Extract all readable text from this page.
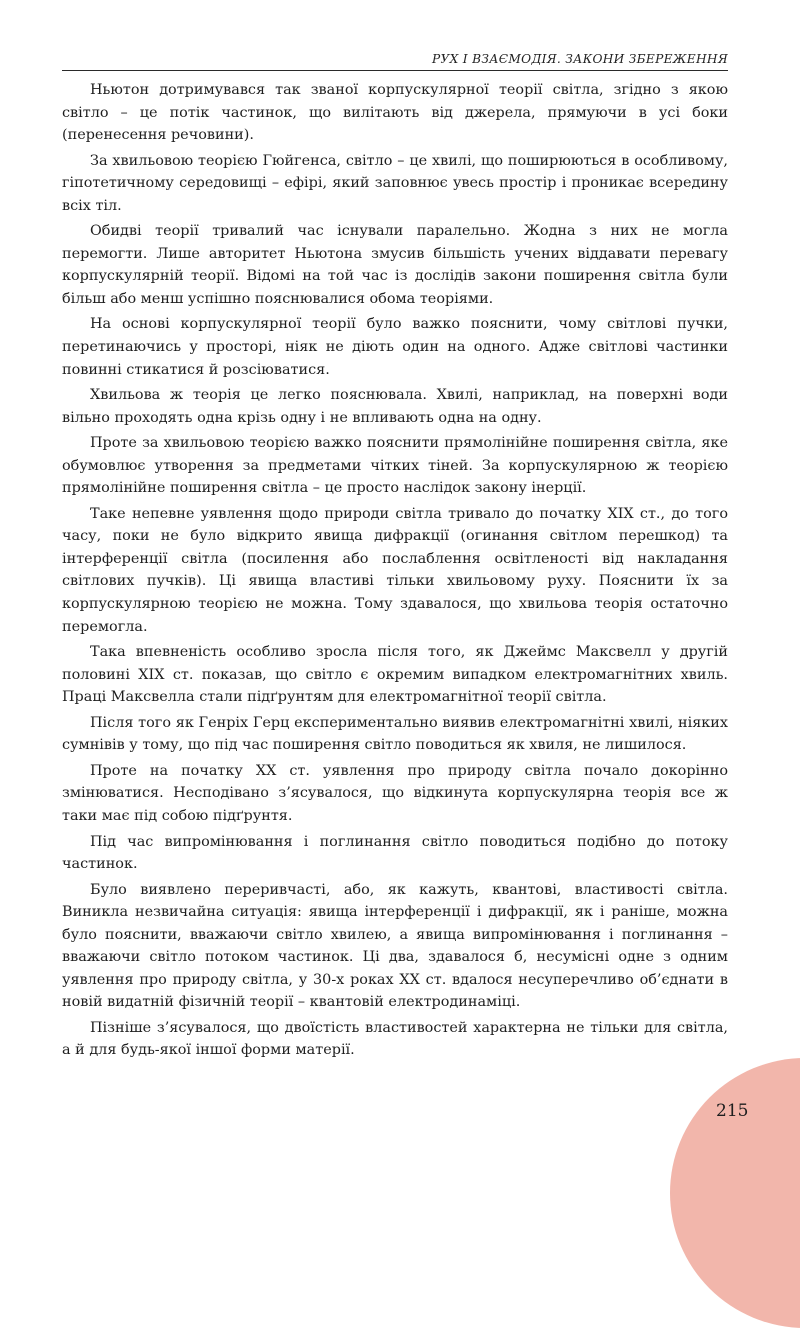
РУХ І ВЗАЄМОДІЯ. ЗАКОНИ ЗБЕРЕЖЕННЯ

Ньютон дотримувався так званої корпускулярної теорії світла, згідно з якою світло – це потік частинок, що вилітають від джерела, прямуючи в усі боки (перенесення речовини).

За хвильовою теорією Гюйгенса, світло – це хвилі, що поширюються в особливому, гіпотетичному середовищі – ефірі, який заповнює увесь простір і проникає всередину всіх тіл.

Обидві теорії тривалий час існували паралельно. Жодна з них не могла перемогти. Лише авторитет Ньютона змусив більшість учених віддавати перевагу корпускулярній теорії. Відомі на той час із дослідів закони поширення світла були більш або менш успішно пояснювалися обома теоріями.

На основі корпускулярної теорії було важко пояснити, чому світлові пучки, перетинаючись у просторі, ніяк не діють один на одного. Адже світлові частинки повинні стикатися й розсіюватися.

Хвильова ж теорія це легко пояснювала. Хвилі, наприклад, на поверхні води вільно проходять одна крізь одну і не впливають одна на одну.

Проте за хвильовою теорією важко пояснити прямолінійне поширення світла, яке обумовлює утворення за предметами чітких тіней. За корпускулярною ж теорією прямолінійне поширення світла – це просто наслідок закону інерції.

Таке непевне уявлення щодо природи світла тривало до початку XIX ст., до того часу, поки не було відкрито явища дифракції (огинання світлом перешкод) та інтерференції світла (посилення або послаблення освітленості від накладання світлових пучків). Ці явища властиві тільки хвильовому руху. Пояснити їх за корпускулярною теорією не можна. Тому здавалося, що хвильова теорія остаточно перемогла.

Така впевненість особливо зросла після того, як Джеймс Максвелл у другій половині XIX ст. показав, що світло є окремим випадком електромагнітних хвиль. Праці Максвелла стали підґрунтям для електромагнітної теорії світла.

Після того як Генріх Герц експериментально виявив електромагнітні хвилі, ніяких сумнівів у тому, що під час поширення світло поводиться як хвиля, не лишилося.

Проте на початку XX ст. уявлення про природу світла почало докорінно змінюватися. Несподівано з’ясувалося, що відкинута корпускулярна теорія все ж таки має під собою підґрунтя.

Під час випромінювання і поглинання світло поводиться подібно до потоку частинок.

Було виявлено переривчасті, або, як кажуть, квантові, властивості світла. Виникла незвичайна ситуація: явища інтерференції і дифракції, як і раніше, можна було пояснити, вважаючи світло хвилею, а явища випромінювання і поглинання – вважаючи світло потоком частинок. Ці два, здавалося б, несумісні одне з одним уявлення про природу світла, у 30-х роках XX ст. вдалося несуперечливо об’єднати в новій видатній фізичній теорії – квантовій електродинаміці.

Пізніше з’ясувалося, що двоїстість властивостей характерна не тільки для світла, а й для будь-якої іншої форми матерії.

215
